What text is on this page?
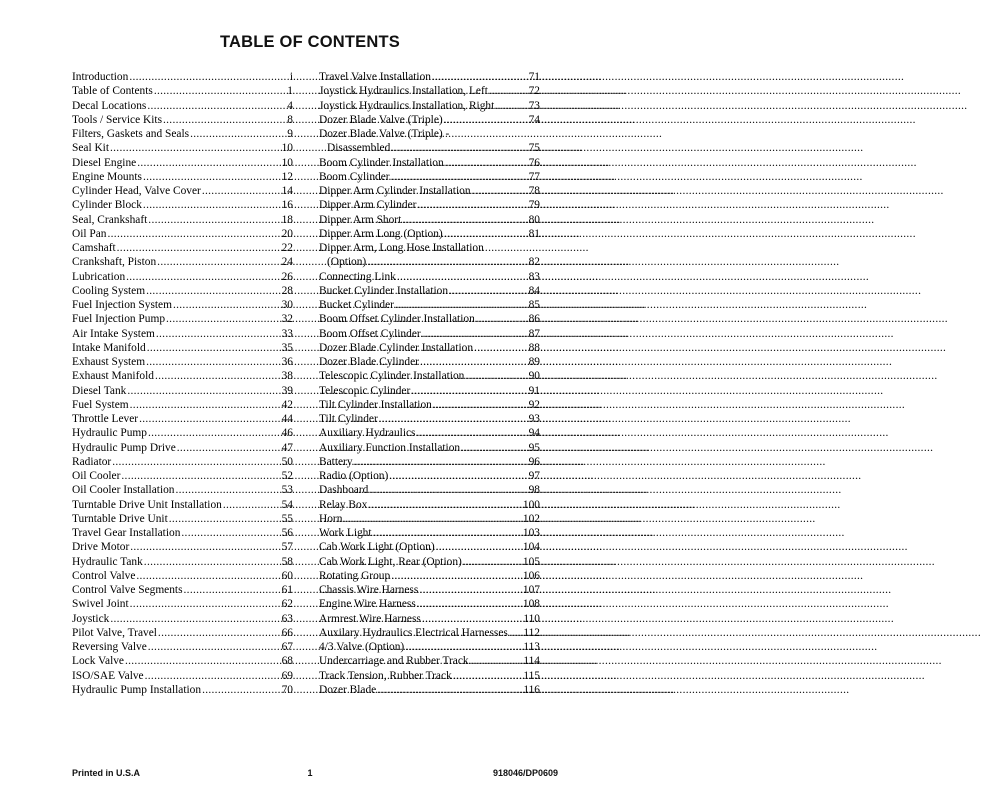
TABLE OF CONTENTS
Introduction .....	i
Table of Contents .....	1
Decal Locations .....	4
Tools / Service Kits .....	8
Filters, Gaskets and Seals .....	9
Seal Kit .....	10
Diesel Engine .....	10
Engine Mounts .....	12
Cylinder Head, Valve Cover .....	14
Cylinder Block .....	16
Seal, Crankshaft .....	18
Oil Pan .....	20
Camshaft .....	22
Crankshaft, Piston .....	24
Lubrication .....	26
Cooling System .....	28
Fuel Injection System .....	30
Fuel Injection Pump .....	32
Air Intake System .....	33
Intake Manifold .....	35
Exhaust System .....	36
Exhaust Manifold .....	38
Diesel Tank .....	39
Fuel System .....	42
Throttle Lever .....	44
Hydraulic Pump .....	46
Hydraulic Pump Drive .....	47
Radiator .....	50
Oil Cooler .....	52
Oil Cooler Installation .....	53
Turntable Drive Unit Installation .....	54
Turntable Drive Unit .....	55
Travel Gear Installation .....	56
Drive Motor .....	57
Hydraulic Tank .....	58
Control Valve .....	60
Control Valve Segments .....	61
Swivel Joint .....	62
Joystick .....	63
Pilot Valve, Travel .....	66
Reversing Valve .....	67
Lock Valve .....	68
ISO/SAE Valve .....	69
Hydraulic Pump Installation .....	70
Travel Valve Installation .....	71
Joystick Hydraulics Installation, Left .....	72
Joystick Hydraulics Installation, Right .....	73
Dozer Blade Valve (Triple) .....	74
Dozer Blade Valve (Triple) -
Disassembled .....	75
Boom Cylinder Installation .....	76
Boom Cylinder .....	77
Dipper Arm Cylinder Installation .....	78
Dipper Arm Cylinder .....	79
Dipper Arm Short .....	80
Dipper Arm Long (Option) .....	81
Dipper Arm, Long Hose Installation
(Option) .....	82
Connecting Link .....	83
Bucket Cylinder Installation .....	84
Bucket Cylinder .....	85
Boom Offset Cylinder Installation .....	86
Boom Offset Cylinder .....	87
Dozer Blade Cylinder Installation .....	88
Dozer Blade Cylinder .....	89
Telescopic Cylinder Installation .....	90
Telescopic Cylinder .....	91
Tilt Cylinder Installation .....	92
Tilt Cylinder .....	93
Auxiliary Hydraulics .....	94
Auxiliary Function Installation .....	95
Battery .....	96
Radio (Option) .....	97
Dashboard .....	98
Relay Box .....	100
Horn .....	102
Work Light .....	103
Cab Work Light (Option) .....	104
Cab Work Light, Rear (Option) .....	105
Rotating Group .....	106
Chassis Wire Harness .....	107
Engine Wire Harness .....	108
Armrest Wire Harness .....	110
Auxilary Hydraulics Electrical Harnesses ..... 112
4/3 Valve (Option) .....	113
Undercarriage and Rubber Track .....	114
Track Tension, Rubber Track .....	115
Dozer Blade .....	116
Printed in U.S.A	1	918046/DP0609
